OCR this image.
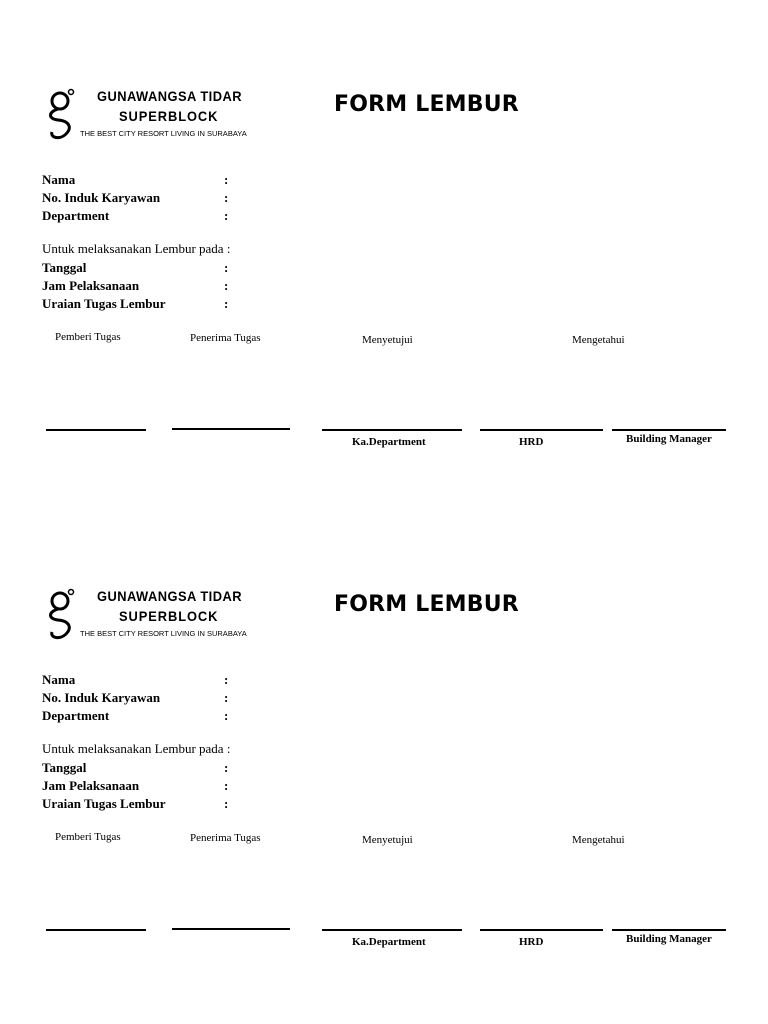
GUNAWANGSA TIDAR
SUPERBLOCK
THE BEST CITY RESORT LIVING IN SURABAYA
FORM LEMBUR
Nama	:
No. Induk Karyawan	:
Department	:
Untuk melaksanakan Lembur pada :
Tanggal	:
Jam Pelaksanaan	:
Uraian Tugas Lembur	:
Pemberi Tugas	Penerima Tugas	Menyetujui	Mengetahui
Ka.Department	HRD	Building Manager
GUNAWANGSA TIDAR
SUPERBLOCK
THE BEST CITY RESORT LIVING IN SURABAYA
FORM LEMBUR
Nama	:
No. Induk Karyawan	:
Department	:
Untuk melaksanakan Lembur pada :
Tanggal	:
Jam Pelaksanaan	:
Uraian Tugas Lembur	:
Pemberi Tugas	Penerima Tugas	Menyetujui	Mengetahui
Ka.Department	HRD	Building Manager
